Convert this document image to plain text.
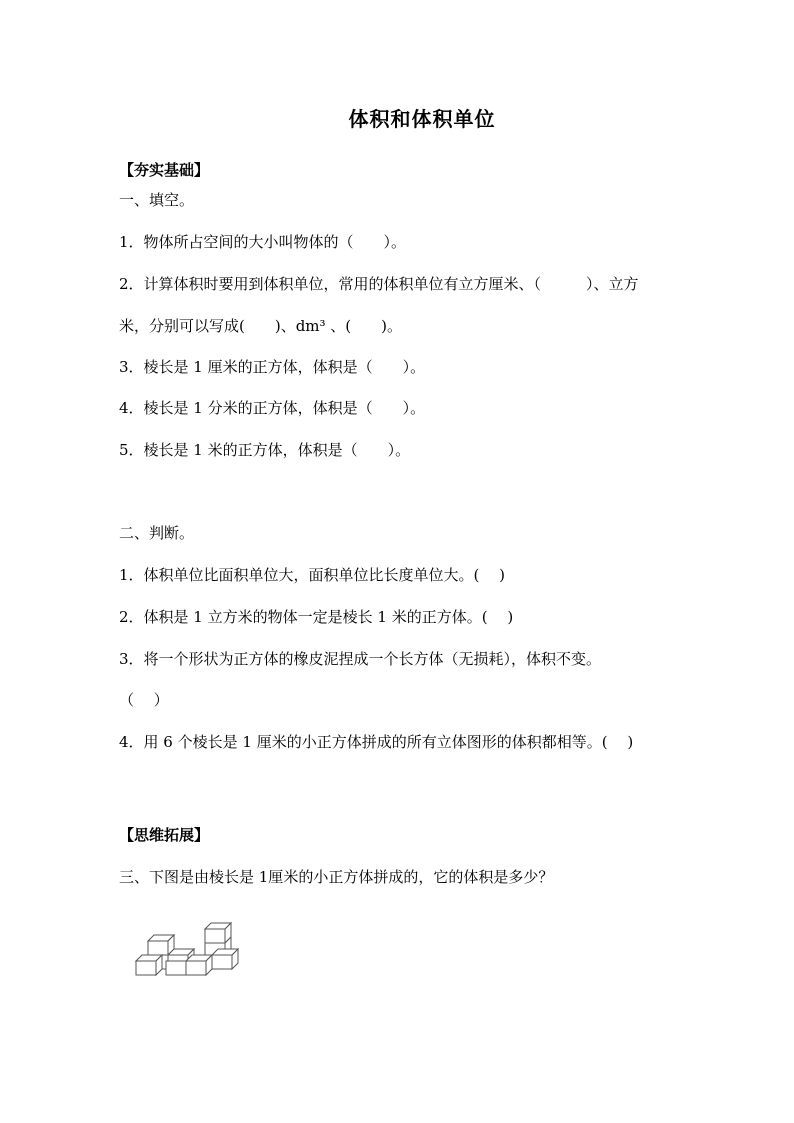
体积和体积单位
【夯实基础】
一、填空。
1．物体所占空间的大小叫物体的（　　）。
2．计算体积时要用到体积单位，常用的体积单位有立方厘米、（　　　）、立方
米，分别可以写成(　　)、dm³ 、(　　)。
3．棱长是 1 厘米的正方体，体积是（　　）。
4．棱长是 1 分米的正方体，体积是（　　）。
5．棱长是 1 米的正方体，体积是（　　）。
二、判断。
1．体积单位比面积单位大，面积单位比长度单位大。(　 )
2．体积是 1 立方米的物体一定是棱长 1 米的正方体。(　 )
3．将一个形状为正方体的橡皮泥捏成一个长方体（无损耗），体积不变。
（　 ）
4．用 6 个棱长是 1 厘米的小正方体拼成的所有立体图形的体积都相等。(　 )
【思维拓展】
三、下图是由棱长是 1厘米的小正方体拼成的，它的体积是多少？
